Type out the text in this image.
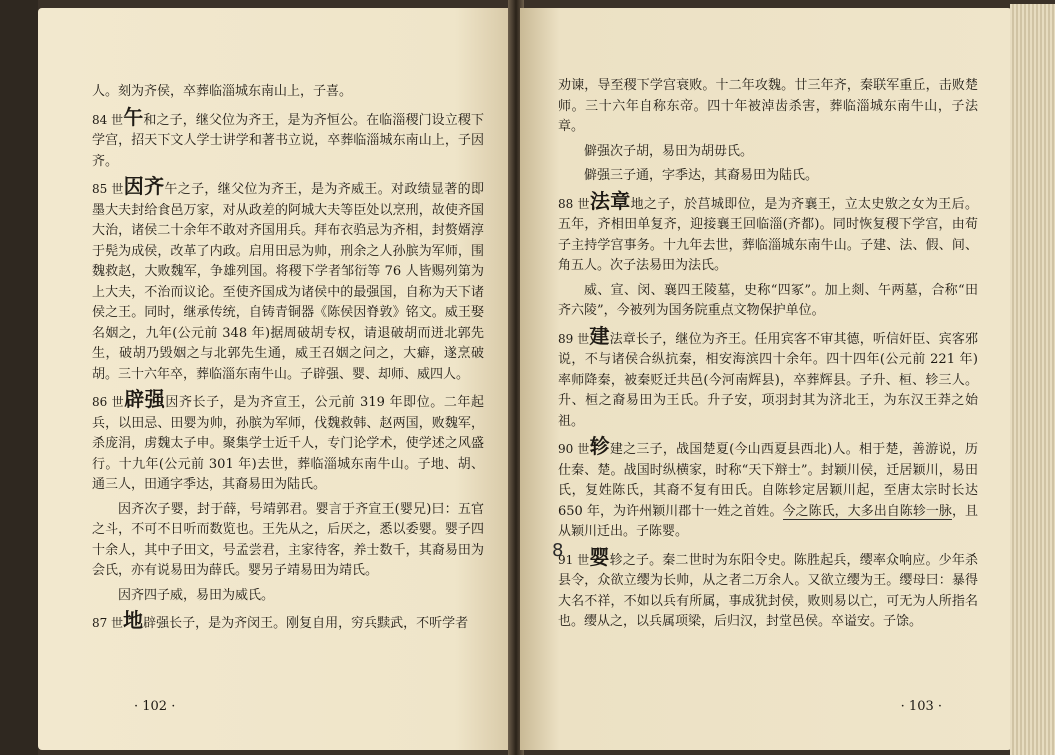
人。刻为齐侯，卒葬临淄城东南山上，子喜。

84 世午和之子，继父位为齐王，是为齐恒公。在临淄稷门设立稷下学宫，招天下文人学士讲学和著书立说，卒葬临淄城东南山上，子因齐。

85 世因齐午之子，继父位为齐王，是为齐威王。对政绩显著的即墨大夫封给食邑万家，对从政差的阿城大夫等臣处以烹刑，故使齐国大治，诸侯二十余年不敢对齐国用兵。拜布衣驺忌为齐相，封赘婿淳于髡为成侯，改革了内政。启用田忌为帅，刑余之人孙膑为军师，围魏救赵，大败魏军，争雄列国。将稷下学者邹衍等 76 人皆赐列第为上大夫，不治而议论。至使齐国成为诸侯中的最强国，自称为天下诸侯之王。同时，继承传统，自铸青铜器《陈侯因脊敦》铭文。威王娶名姻之，九年(公元前 348 年)据周破胡专权，请退破胡而迸北郭先生，破胡乃毁姻之与北郭先生通，威王召姻之问之，大癖，遂烹破胡。三十六年卒，葬临淄东南牛山。子辟强、婴、却师、威四人。

86 世辟强因齐长子，是为齐宣王，公元前 319 年即位。二年起兵，以田忌、田婴为帅，孙膑为军师，伐魏救韩、赵两国，败魏军，杀庞涓，虏魏太子申。聚集学士近千人，专门论学术，使学述之风盛行。十九年(公元前 301 年)去世，葬临淄城东南牛山。子地、胡、通三人，田通字季达，其裔易田为陆氏。

因齐次子婴，封于薛，号靖郭君。婴言于齐宣王(婴兄)曰：五官之斗，不可不日听而数览也。王先从之，后厌之，悉以委婴。婴子四十余人，其中子田文，号孟尝君，主家待客，养士数千，其裔易田为会氏，亦有说易田为薛氏。婴另子靖易田为靖氏。

因齐四子威，易田为威氏。

87 世地辟强长子，是为齐闵王。刚复自用，穷兵黩武，不听学者

· 102 ·

劝谏，导至稷下学宫衰败。十二年攻魏。廿三年齐，秦联军重丘，击败楚师。三十六年自称东帝。四十年被淖齿杀害，葬临淄城东南牛山，子法章。

僻强次子胡，易田为胡毋氏。

僻强三子通，字季达，其裔易田为陆氏。

88 世法章地之子，於莒城即位，是为齐襄王，立太史敫之女为王后。五年，齐相田单复齐，迎接襄王回临淄(齐都)。同时恢复稷下学宫，由荀子主持学宫事务。十九年去世，葬临淄城东南牛山。子建、法、假、间、角五人。次子法易田为法氏。

威、宣、闵、襄四王陵墓，史称“四冢”。加上剡、午两墓，合称“田齐六陵”，今被列为国务院重点文物保护单位。

89 世建法章长子，继位为齐王。任用宾客不审其德，听信奸臣、宾客邪说，不与诸侯合纵抗秦，相安海滨四十余年。四十四年(公元前 221 年)率师降秦，被秦贬迁共邑(今河南辉县)，卒葬辉县。子升、桓、轸三人。升、桓之裔易田为王氏。升子安，项羽封其为济北王，为东汉王莽之始祖。

90 世轸建之三子，战国楚夏(今山西夏县西北)人。相于楚，善游说，历仕秦、楚。战国时纵横家，时称“天下辩士”。封颖川侯，迁居颖川，易田氏，复姓陈氏，其裔不复有田氏。自陈轸定居颖川起，至唐太宗时长达 650 年，为许州颖川郡十一姓之首姓。今之陈氏，大多出自陈轸一脉，且从颖川迁出。子陈婴。

91 世婴轸之子。秦二世时为东阳令史。陈胜起兵，缨率众响应。少年杀县令，众欲立缨为长帅，从之者二万余人。又欲立缨为王。缨母曰：暴得大名不祥，不如以兵有所属，事成犹封侯，败则易以亡，可无为人所指名也。缨从之，以兵属项梁，后归汉，封堂邑侯。卒谥安。子馀。

· 103 ·
8
